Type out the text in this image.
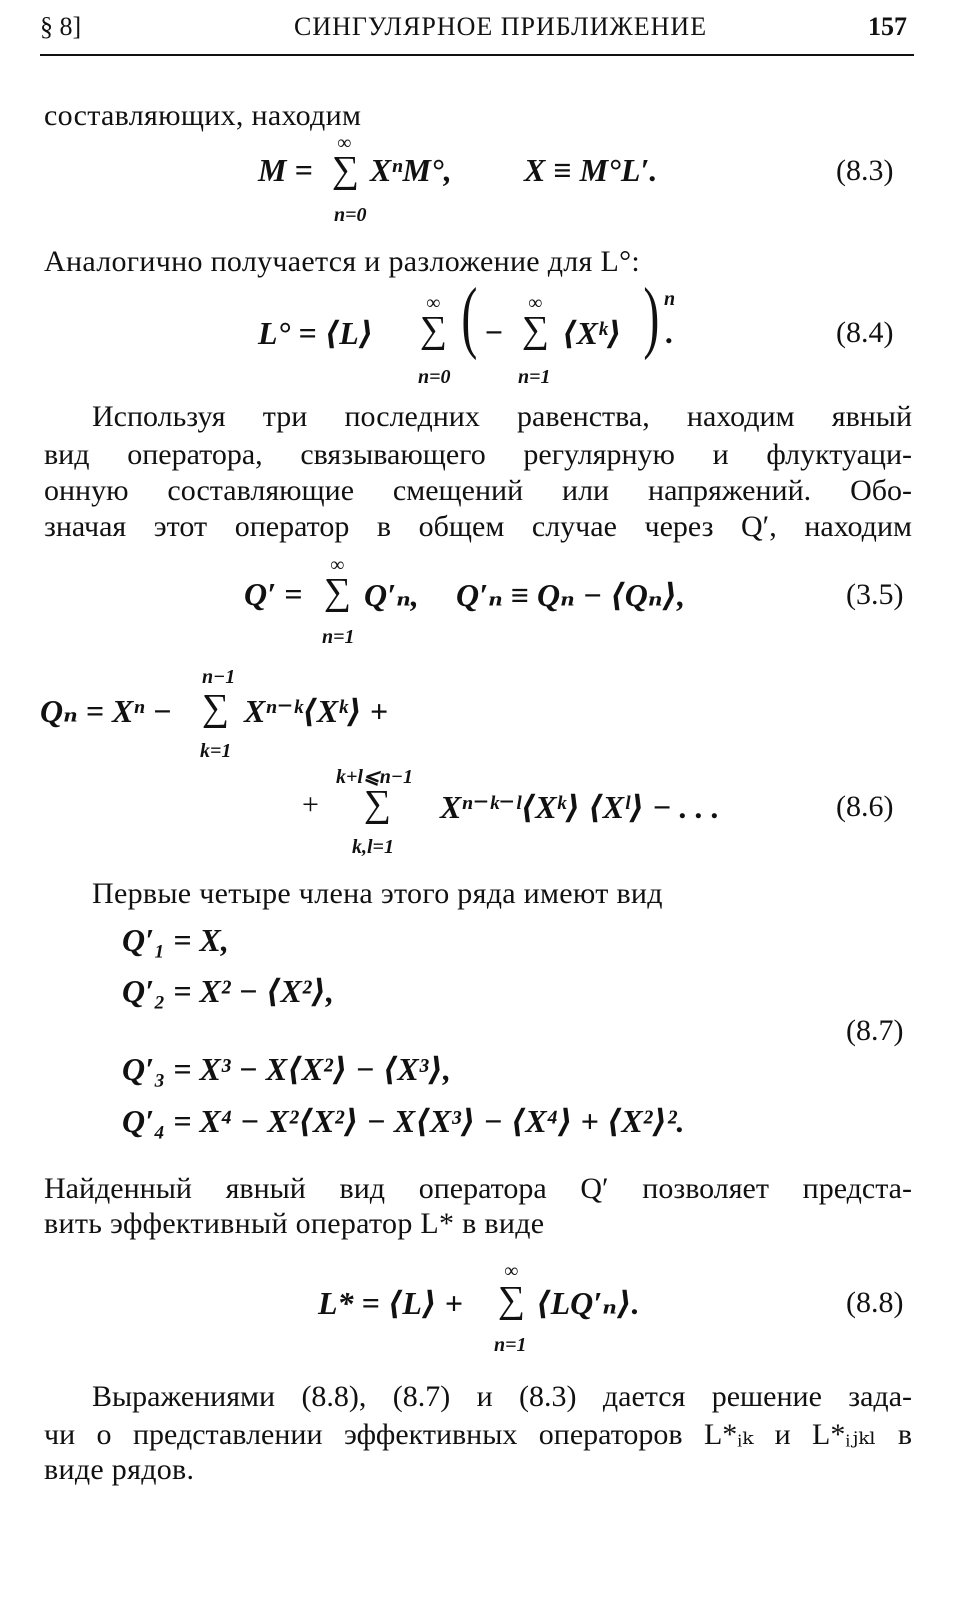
§ 8]	СИНГУЛЯРНОЕ ПРИБЛИЖЕНИЕ	157
составляющих, находим
M =
∞
∑
n=0
XⁿM°, X ≡ M°L′.	(8.3)
Аналогично получается и разложение для L°:
L° = ⟨L⟩
∞
∑
n=0
( −
∞
∑
n=1
⟨Xᵏ⟩ ) n
.	(8.4)
Используя три последних равенства, находим явный
вид оператора, связывающего регулярную и флуктуаци-
онную составляющие смещений или напряжений. Обо-
значая этот оператор в общем случае через Q′, находим
Q′ =
∞
∑
n=1
Q′ₙ, Q′ₙ ≡ Qₙ − ⟨Qₙ⟩,	(3.5)
Qₙ = Xⁿ −
n−1
∑
k=1
Xⁿ⁻ᵏ⟨Xᵏ⟩ +
+
k+l⩽n−1
∑
k,l=1
Xⁿ⁻ᵏ⁻ˡ⟨Xᵏ⟩ ⟨Xˡ⟩ − . . .	(8.6)
Первые четыре члена этого ряда имеют вид
Q′₁ = X,
Q′₂ = X² − ⟨X²⟩,
Q′₃ = X³ − X⟨X²⟩ − ⟨X³⟩,
Q′₄ = X⁴ − X²⟨X²⟩ − X⟨X³⟩ − ⟨X⁴⟩ + ⟨X²⟩².
(8.7)
Найденный явный вид оператора Q′ позволяет предста-
вить эффективный оператор L* в виде
L* = ⟨L⟩ +
∞
∑
n=1
⟨LQ′ₙ⟩.	(8.8)
Выражениями (8.8), (8.7) и (8.3) дается решение зада-
чи о представлении эффективных операторов L*ᵢₖ и L*ᵢⱼₖₗ в
виде рядов.
